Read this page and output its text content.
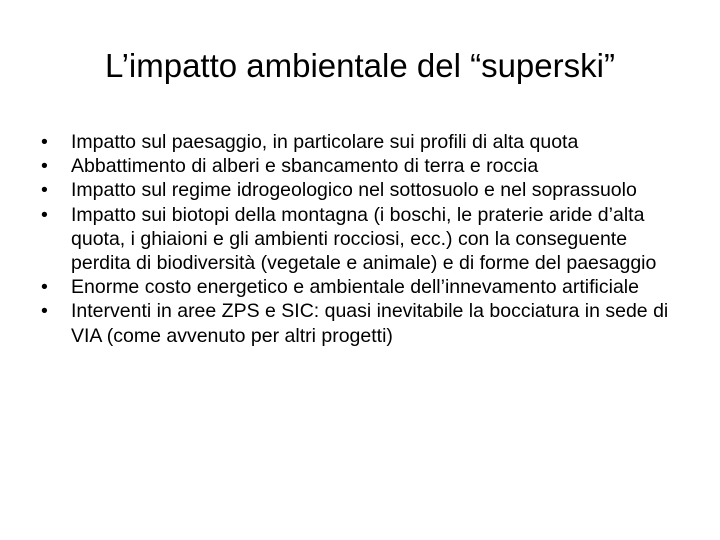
L’impatto ambientale del “superski”
•	Impatto sul paesaggio, in particolare sui profili di alta quota
•	Abbattimento di alberi e sbancamento di terra e roccia
•	Impatto sul regime idrogeologico nel sottosuolo e nel soprassuolo
•	Impatto sui biotopi della montagna (i boschi, le praterie aride d’alta quota, i ghiaioni e gli ambienti rocciosi, ecc.) con la conseguente perdita di biodiversità (vegetale e animale) e di forme del paesaggio
•	Enorme costo energetico e ambientale dell’innevamento artificiale
•	Interventi in aree ZPS e SIC: quasi inevitabile la bocciatura in sede di VIA (come avvenuto per altri progetti)
